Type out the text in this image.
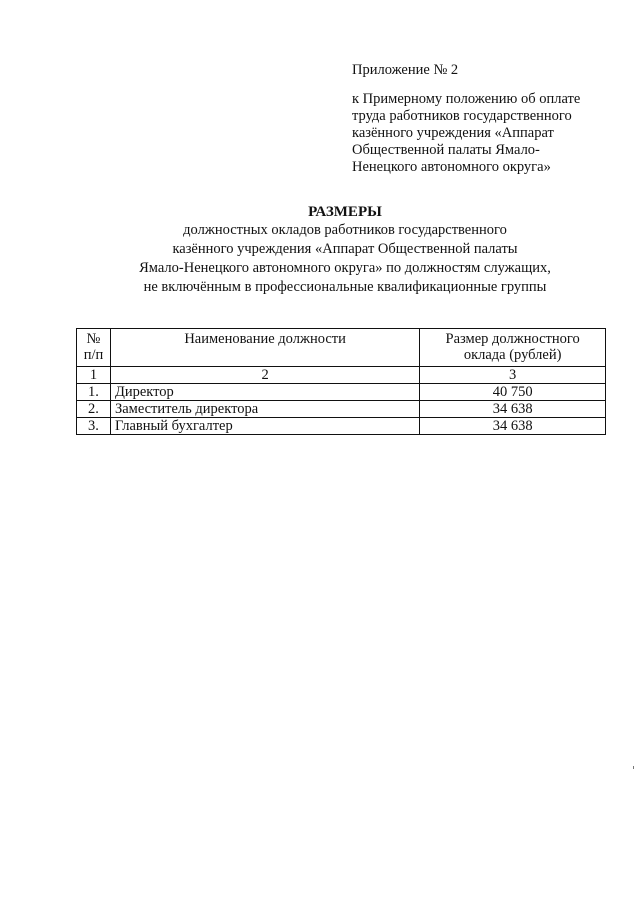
Приложение № 2

к Примерному положению об оплате

труда работников государственного

казённого учреждения «Аппарат

Общественной палаты Ямало-

Ненецкого автономного округа»

РАЗМЕРЫ

должностных окладов работников государственного

казённого учреждения «Аппарат Общественной палаты

Ямало-Ненецкого автономного округа» по должностям служащих,

не включённым в профессиональные квалификационные группы

№ п/п	Наименование должности	Размер должностного оклада (рублей)
1	2	3
1.	Директор	40 750
2.	Заместитель директора	34 638
3.	Главный бухгалтер	34 638
